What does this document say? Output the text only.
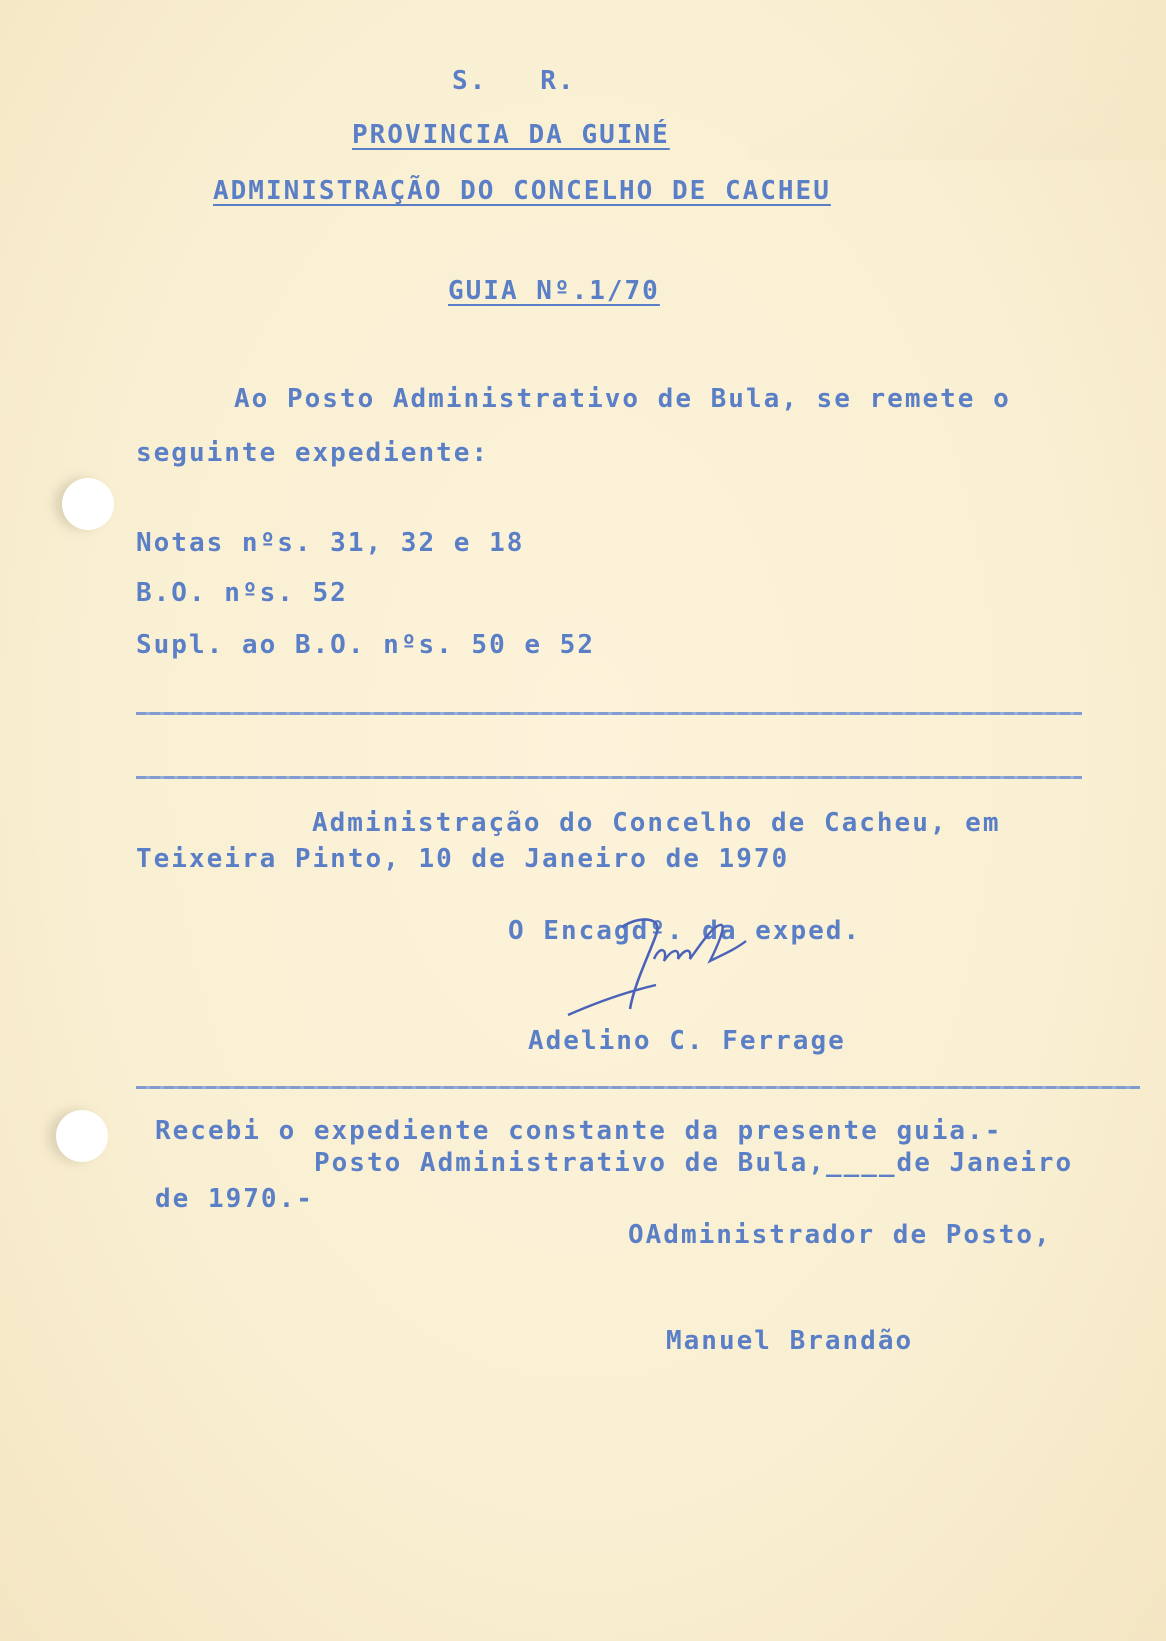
S.   R.
PROVINCIA DA GUINÉ
ADMINISTRAÇÃO DO CONCELHO DE CACHEU
GUIA Nº.1/70
Ao Posto Administrativo de Bula, se remete o
seguinte expediente:
Notas nºs. 31, 32 e 18
B.O. nºs. 52
Supl. ao B.O. nºs. 50 e 52
Administração do Concelho de Cacheu, em
Teixeira Pinto, 10 de Janeiro de 1970
O Encagdº. da exped.
Adelino C. Ferrage
Recebi o expediente constante da presente guia.-
Posto Administrativo de Bula,____de Janeiro
de 1970.-
OAdministrador de Posto,
Manuel Brandão
